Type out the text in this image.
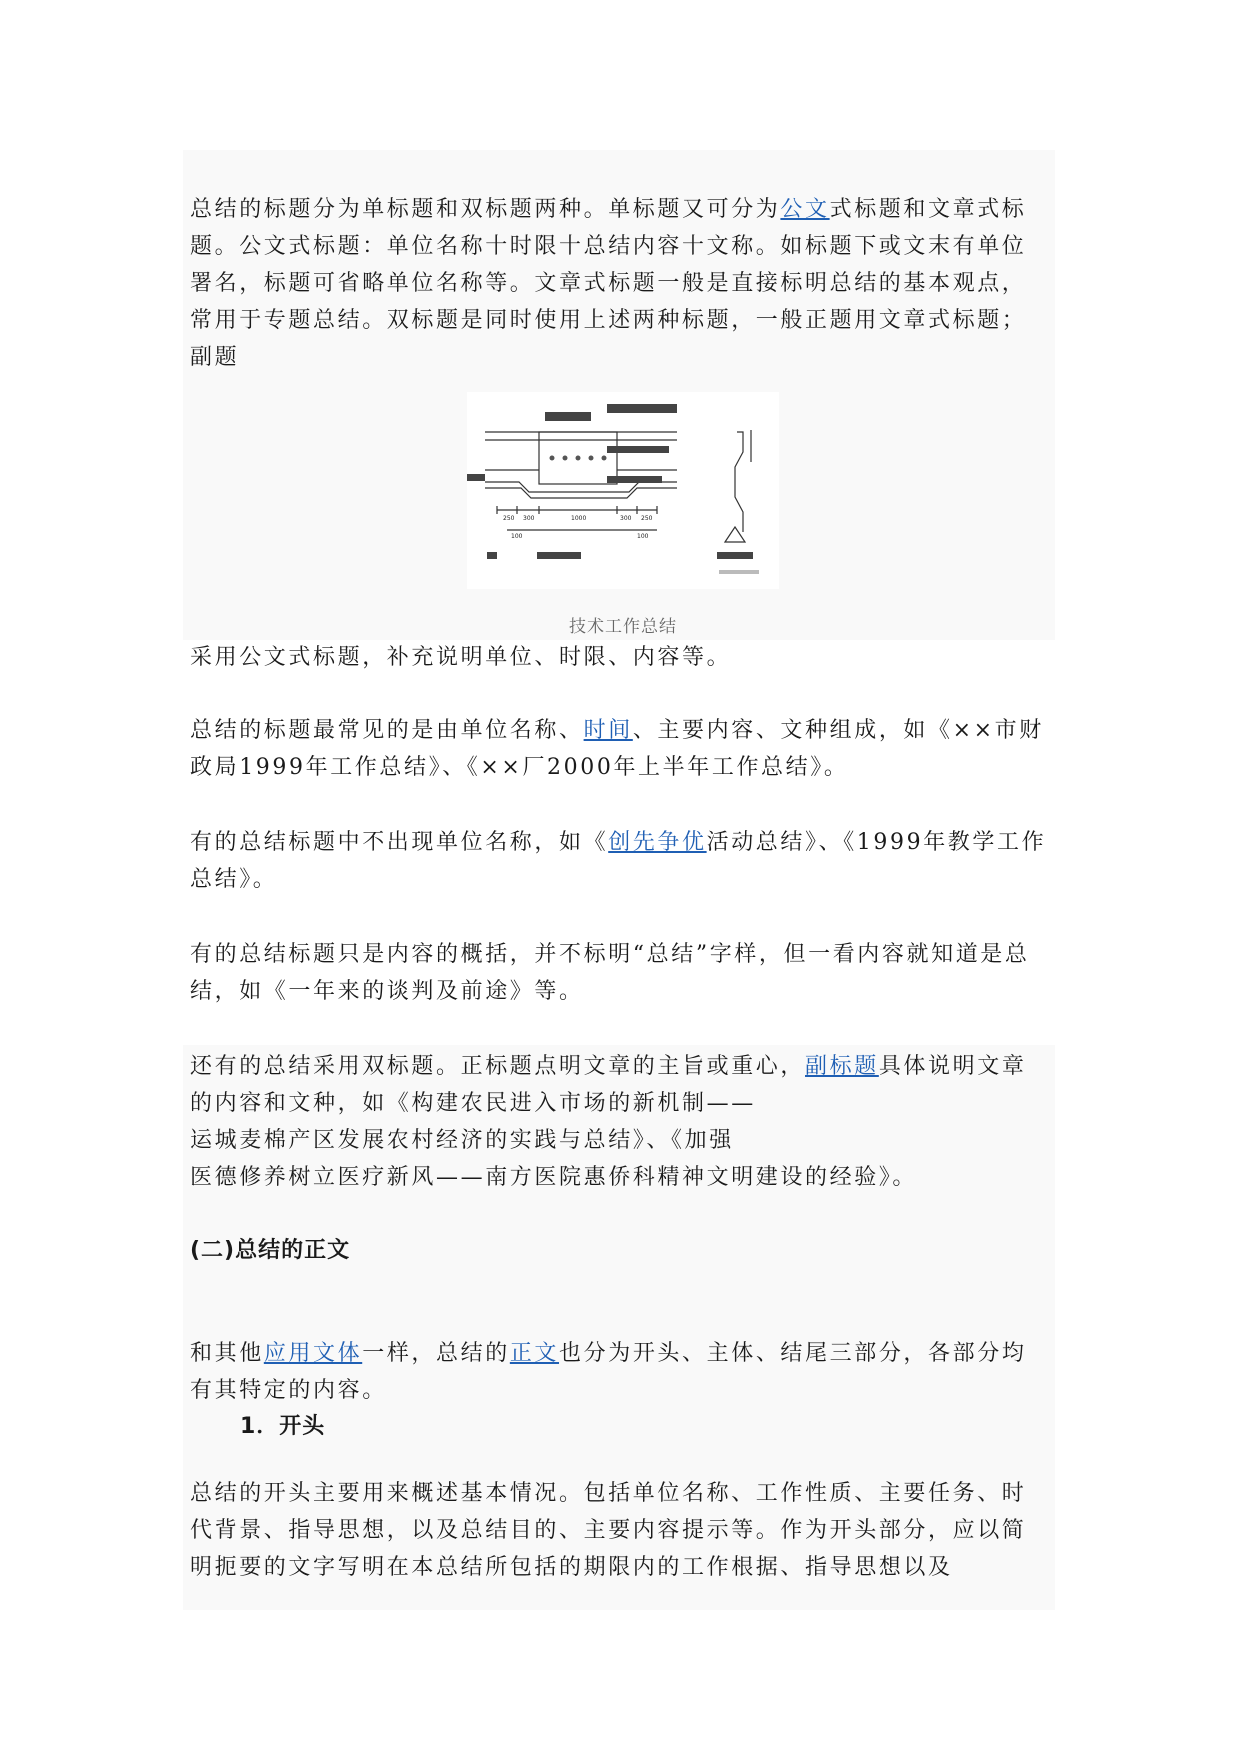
总结的标题分为单标题和双标题两种。单标题又可分为公文式标题和文章式标题。公文式标题：单位名称十时限十总结内容十文称。如标题下或文末有单位署名，标题可省略单位名称等。文章式标题一般是直接标明总结的基本观点，常用于专题总结。双标题是同时使用上述两种标题，一般正题用文章式标题；副题

250 300	1000	300 250
100	100
技术工作总结

采用公文式标题，补充说明单位、时限、内容等。

总结的标题最常见的是由单位名称、时间、主要内容、文种组成，如《××市财政局1999年工作总结》、《××厂2000年上半年工作总结》。

有的总结标题中不出现单位名称，如《创先争优活动总结》、《1999年教学工作总结》。

有的总结标题只是内容的概括，并不标明“总结”字样，但一看内容就知道是总结，如《一年来的谈判及前途》等。

还有的总结采用双标题。正标题点明文章的主旨或重心，副标题具体说明文章的内容和文种，如《构建农民进入市场的新机制——
运城麦棉产区发展农村经济的实践与总结》、《加强
医德修养树立医疗新风——南方医院惠侨科精神文明建设的经验》。

(二)总结的正文

和其他应用文体一样，总结的正文也分为开头、主体、结尾三部分，各部分均有其特定的内容。

1．开头

总结的开头主要用来概述基本情况。包括单位名称、工作性质、主要任务、时代背景、指导思想，以及总结目的、主要内容提示等。作为开头部分，应以简明扼要的文字写明在本总结所包括的期限内的工作根据、指导思想以及
